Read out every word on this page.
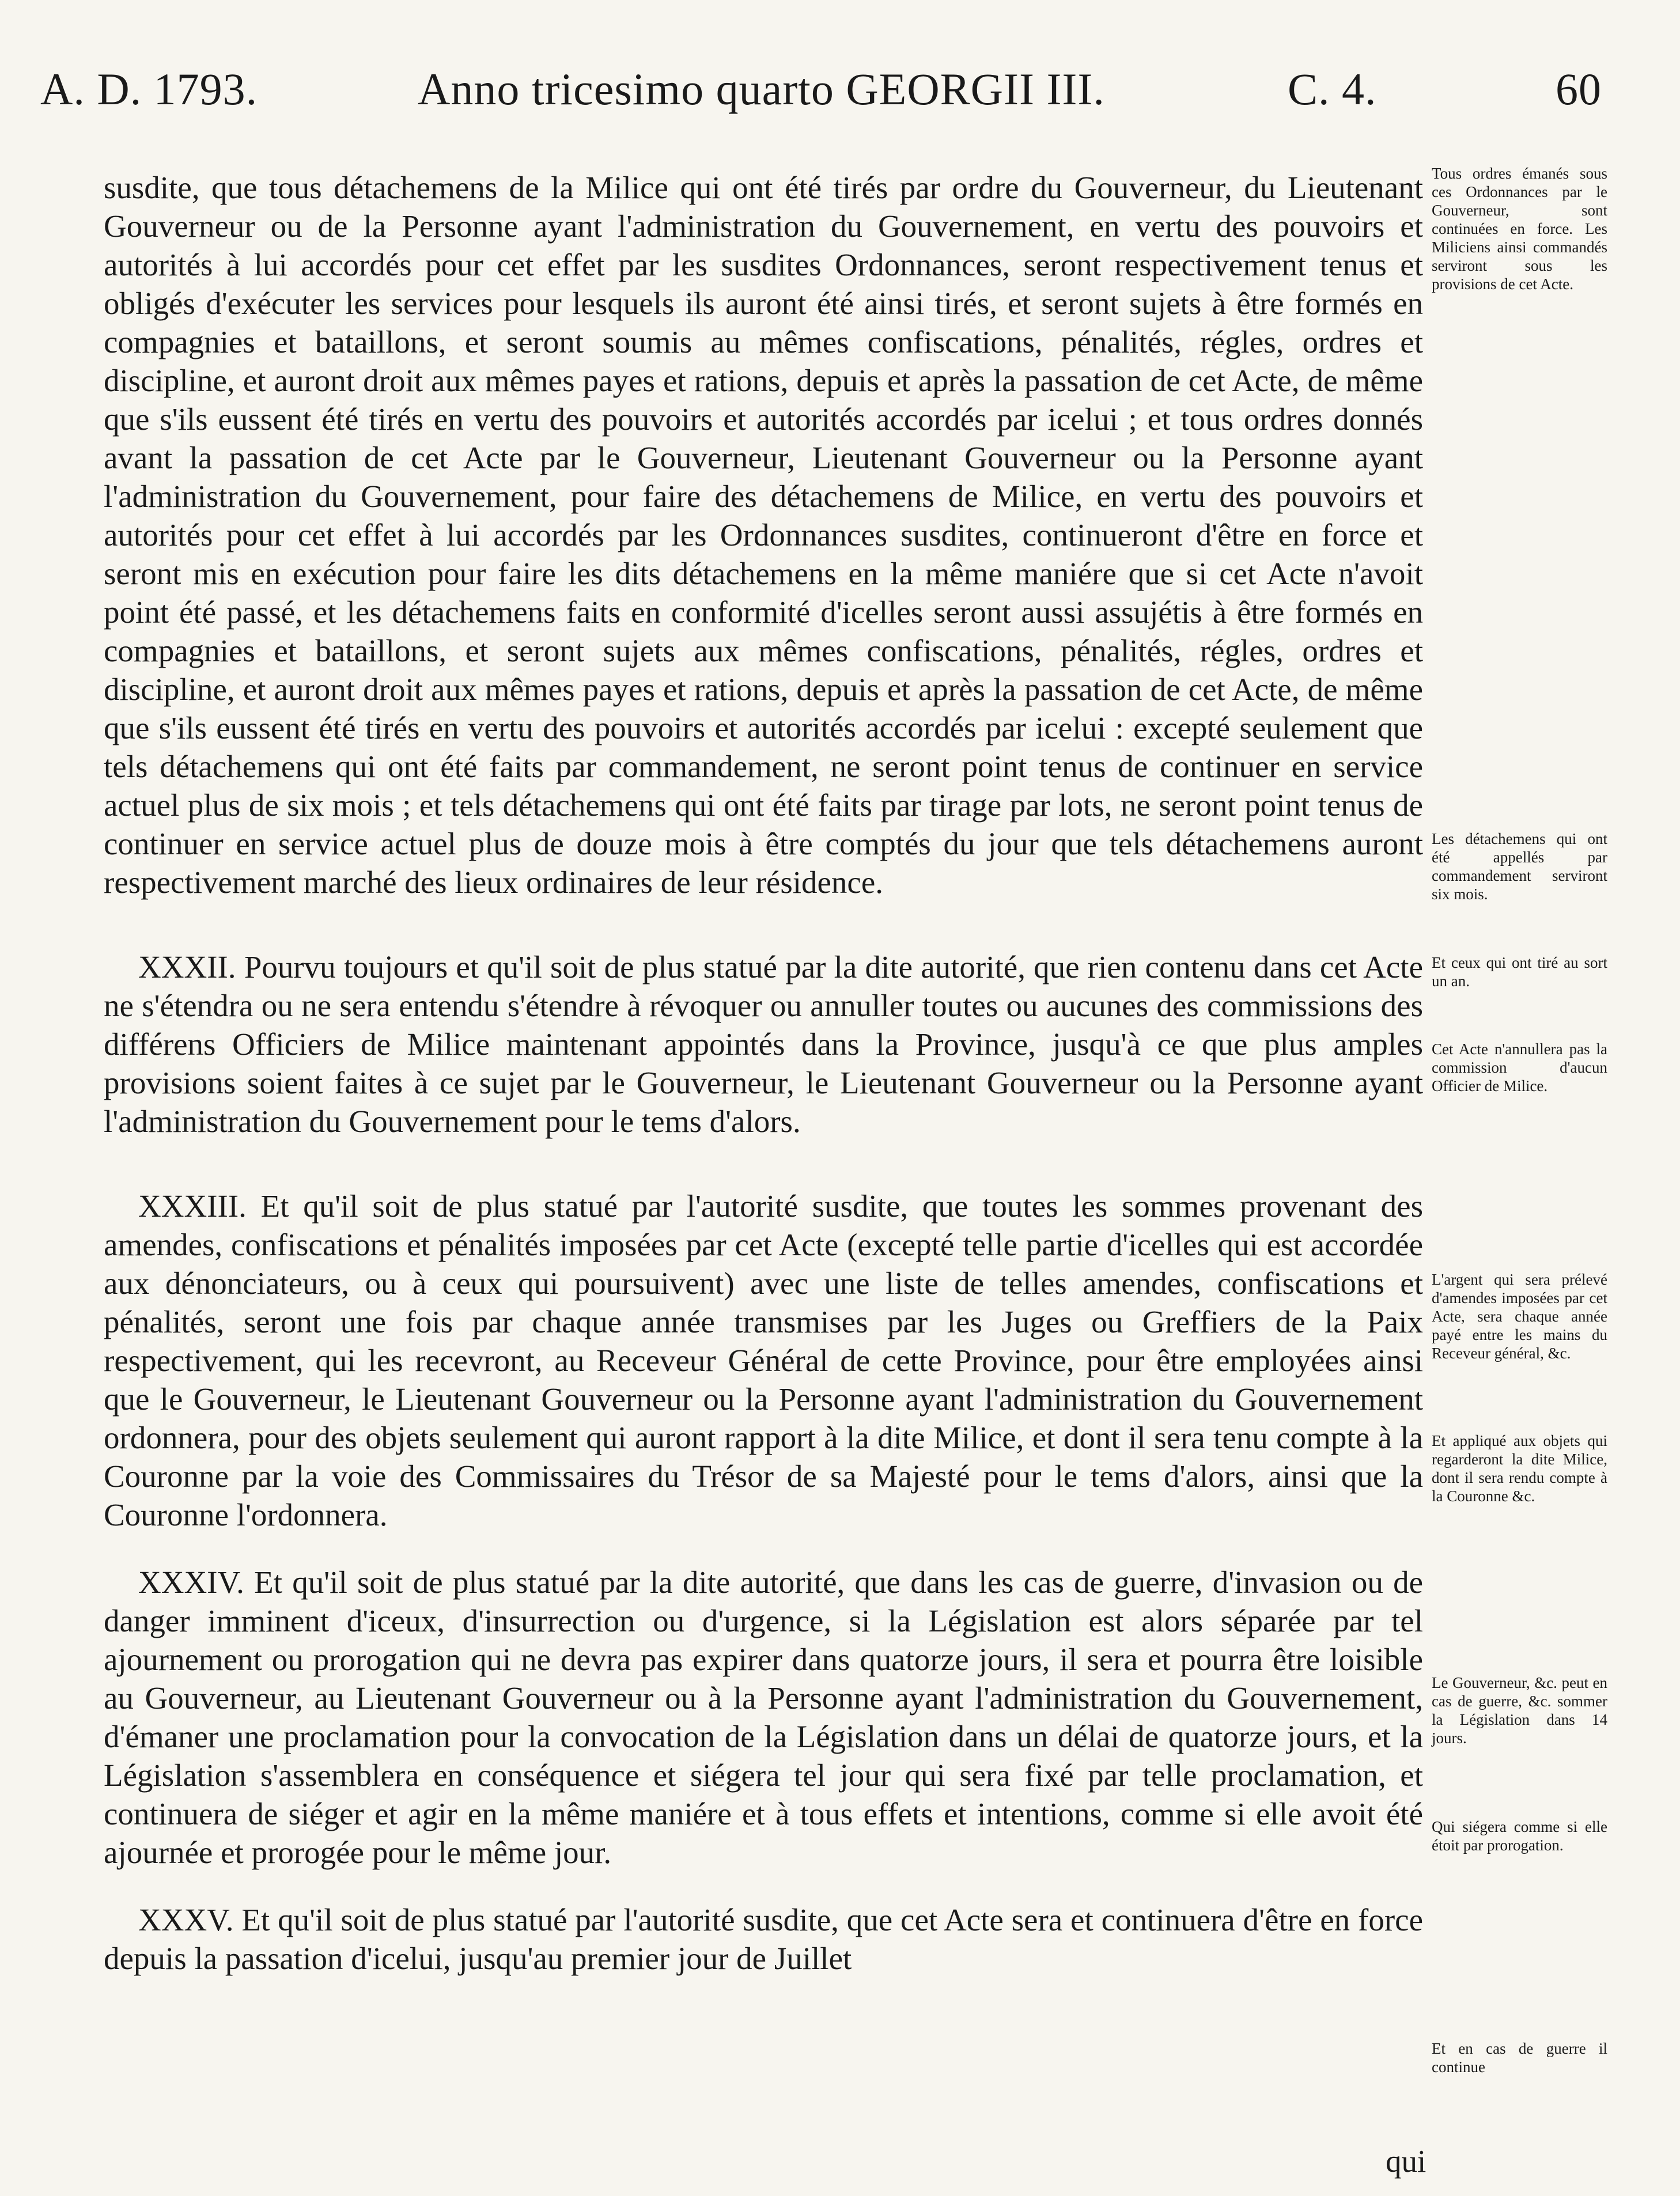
A. D. 1793.	Anno tricesimo quarto GEORGII III.	C. 4.	60

susdite, que tous détachemens de la Milice qui ont été tirés par ordre du Gouverneur, du Lieutenant Gouverneur ou de la Personne ayant l'administration du Gouvernement, en vertu des pouvoirs et autorités à lui accordés pour cet effet par les susdites Ordonnances, seront respectivement tenus et obligés d'exécuter les services pour lesquels ils auront été ainsi tirés, et seront sujets à être formés en compagnies et bataillons, et seront soumis au mêmes confiscations, pénalités, régles, ordres et discipline, et auront droit aux mêmes payes et rations, depuis et après la passation de cet Acte, de même que s'ils eussent été tirés en vertu des pouvoirs et autorités accordés par icelui ; et tous ordres donnés avant la passation de cet Acte par le Gouverneur, Lieutenant Gouverneur ou la Personne ayant l'administration du Gouvernement, pour faire des détachemens de Milice, en vertu des pouvoirs et autorités pour cet effet à lui accordés par les Ordonnances susdites, continueront d'être en force et seront mis en exécution pour faire les dits détachemens en la même maniére que si cet Acte n'avoit point été passé, et les détachemens faits en conformité d'icelles seront aussi assujétis à être formés en compagnies et bataillons, et seront sujets aux mêmes confiscations, pénalités, régles, ordres et discipline, et auront droit aux mêmes payes et rations, depuis et après la passation de cet Acte, de même que s'ils eussent été tirés en vertu des pouvoirs et autorités accordés par icelui : excepté seulement que tels détachemens qui ont été faits par commandement, ne seront point tenus de continuer en service actuel plus de six mois ; et tels détachemens qui ont été faits par tirage par lots, ne seront point tenus de continuer en service actuel plus de douze mois à être comptés du jour que tels détachemens auront respectivement marché des lieux ordinaires de leur résidence.

XXXII. Pourvu toujours et qu'il soit de plus statué par la dite autorité, que rien contenu dans cet Acte ne s'étendra ou ne sera entendu s'étendre à révoquer ou annuller toutes ou aucunes des commissions des différens Officiers de Milice maintenant appointés dans la Province, jusqu'à ce que plus amples provisions soient faites à ce sujet par le Gouverneur, le Lieutenant Gouverneur ou la Personne ayant l'administration du Gouvernement pour le tems d'alors.

XXXIII. Et qu'il soit de plus statué par l'autorité susdite, que toutes les sommes provenant des amendes, confiscations et pénalités imposées par cet Acte (excepté telle partie d'icelles qui est accordée aux dénonciateurs, ou à ceux qui poursuivent) avec une liste de telles amendes, confiscations et pénalités, seront une fois par chaque année transmises par les Juges ou Greffiers de la Paix respectivement, qui les recevront, au Receveur Général de cette Province, pour être employées ainsi que le Gouverneur, le Lieutenant Gouverneur ou la Personne ayant l'administration du Gouvernement ordonnera, pour des objets seulement qui auront rapport à la dite Milice, et dont il sera tenu compte à la Couronne par la voie des Commissaires du Trésor de sa Majesté pour le tems d'alors, ainsi que la Couronne l'ordonnera.

XXXIV. Et qu'il soit de plus statué par la dite autorité, que dans les cas de guerre, d'invasion ou de danger imminent d'iceux, d'insurrection ou d'urgence, si la Législation est alors séparée par tel ajournement ou prorogation qui ne devra pas expirer dans quatorze jours, il sera et pourra être loisible au Gouverneur, au Lieutenant Gouverneur ou à la Personne ayant l'administration du Gouvernement, d'émaner une proclamation pour la convocation de la Législation dans un délai de quatorze jours, et la Législation s'assemblera en conséquence et siégera tel jour qui sera fixé par telle proclamation, et continuera de siéger et agir en la même maniére et à tous effets et intentions, comme si elle avoit été ajournée et prorogée pour le même jour.

XXXV. Et qu'il soit de plus statué par l'autorité susdite, que cet Acte sera et continuera d'être en force depuis la passation d'icelui, jusqu'au premier jour de Juillet

Tous ordres émanés sous ces Ordonnances par le Gouverneur, sont continuées en force. Les Miliciens ainsi commandés serviront sous les provisions de cet Acte.
Les détachemens qui ont été appellés par commandement serviront six mois.
Et ceux qui ont tiré au sort un an.
Cet Acte n'annullera pas la commission d'aucun Officier de Milice.
L'argent qui sera prélevé d'amendes imposées par cet Acte, sera chaque année payé entre les mains du Receveur général, &c.
Et appliqué aux objets qui regarderont la dite Milice, dont il sera rendu compte à la Couronne &c.
Le Gouverneur, &c. peut en cas de guerre, &c. sommer la Législation dans 14 jours.
Qui siégera comme si elle étoit par prorogation.
Et en cas de guerre il continue
qui
